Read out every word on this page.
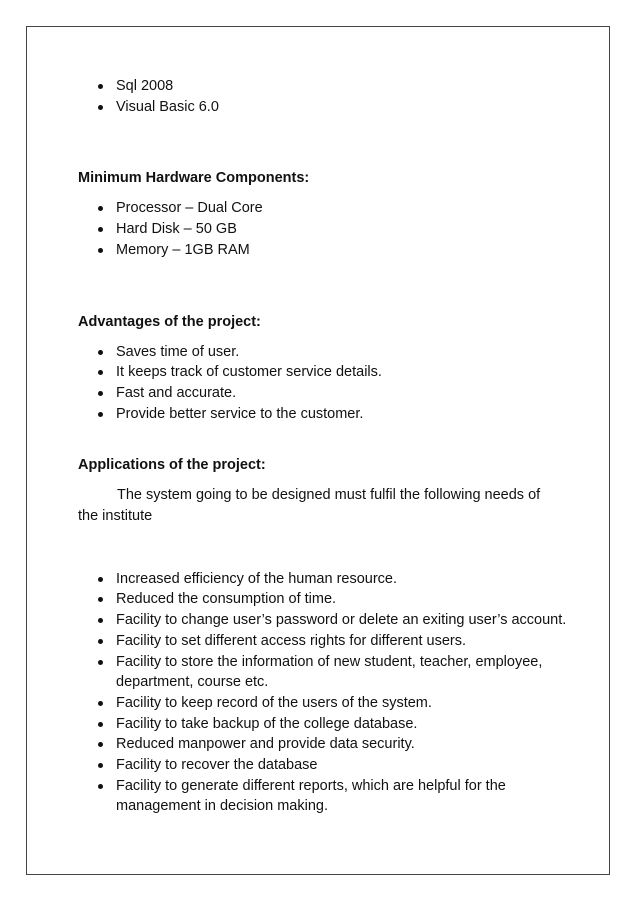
Sql 2008
Visual Basic 6.0
Minimum Hardware Components:
Processor – Dual Core
Hard Disk – 50 GB
Memory – 1GB RAM
Advantages of the project:
Saves time of user.
It keeps track of customer service details.
Fast and accurate.
Provide better service to the customer.
Applications of the project:

The system going to be designed must fulfil the following needs of the institute

Increased efficiency of the human resource.
Reduced the consumption of time.
Facility to change user’s password or delete an exiting user’s account.
Facility to set different access rights for different users.
Facility to store the information of new student, teacher, employee, department, course etc.
Facility to keep record of the users of the system.
Facility to take backup of the college database.
Reduced manpower and provide data security.
Facility to recover the database
Facility to generate different reports, which are helpful for the management in decision making.
